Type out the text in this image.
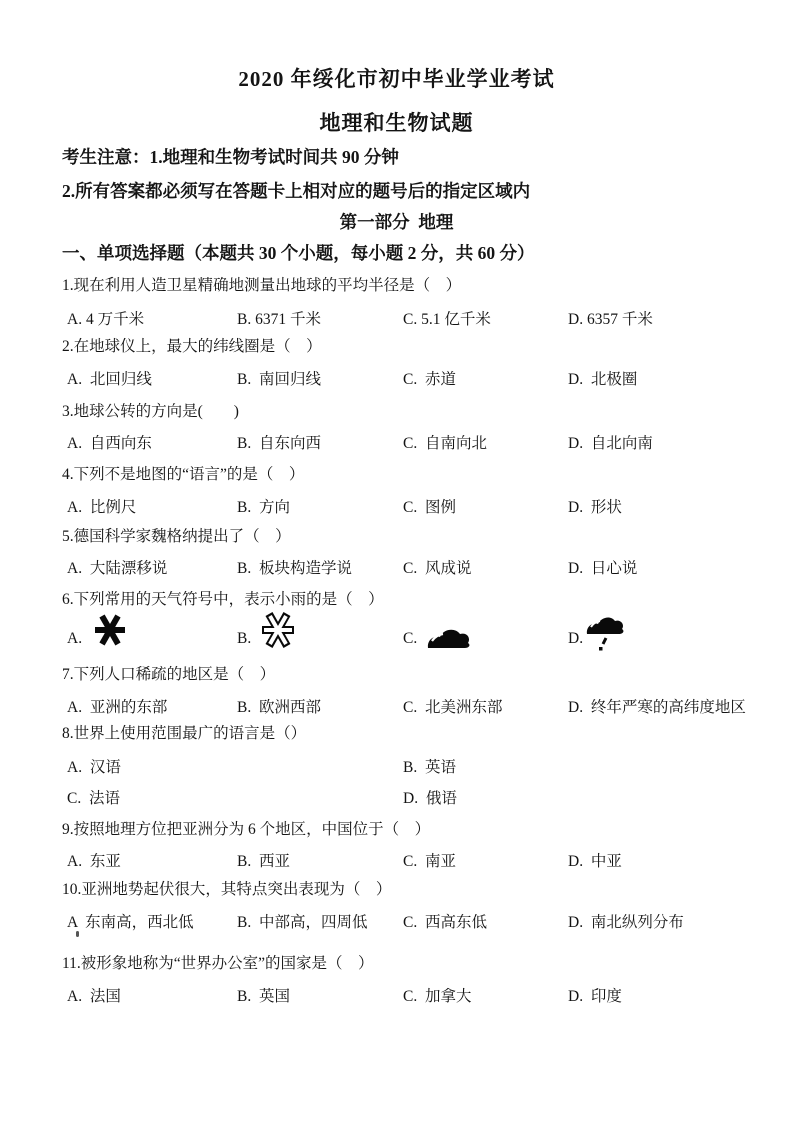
2020 年绥化市初中毕业学业考试
地理和生物试题
考生注意：1.地理和生物考试时间共 90 分钟
2.所有答案都必须写在答题卡上相对应的题号后的指定区域内
第一部分  地理
一、单项选择题（本题共 30 个小题，每小题 2 分，共 60 分）
1.现在利用人造卫星精确地测量出地球的平均半径是（　）
A. 4 万千米	B. 6371 千米	C. 5.1 亿千米	D. 6357 千米
2.在地球仪上，最大的纬线圈是（　）
A.  北回归线	B.  南回归线	C.  赤道	D.  北极圈
3.地球公转的方向是(　　)
A.  自西向东	B.  自东向西	C.  自南向北	D.  自北向南
4.下列不是地图的“语言”的是（　）
A.  比例尺	B.  方向	C.  图例	D.  形状
5.德国科学家魏格纳提出了（　）
A.  大陆漂移说	B.  板块构造学说	C.  风成说	D.  日心说
6.下列常用的天气符号中，表示小雨的是（　）
A.	B.	C.	D.
7.下列人口稀疏的地区是（　）
A.  亚洲的东部	B.  欧洲西部	C.  北美洲东部	D.  终年严寒的高纬度地区
8.世界上使用范围最广的语言是（）
A.  汉语	B.  英语
C.  法语	D.  俄语
9.按照地理方位把亚洲分为 6 个地区，中国位于（　）
A.  东亚	B.  西亚	C.  南亚	D.  中亚
10.亚洲地势起伏很大，其特点突出表现为（　）
A  东南高，西北低	B.  中部高，四周低 C.  西高东低	D.  南北纵列分布
11.被形象地称为“世界办公室”的国家是（　）
A.  法国	B.  英国	C.  加拿大	D.  印度
